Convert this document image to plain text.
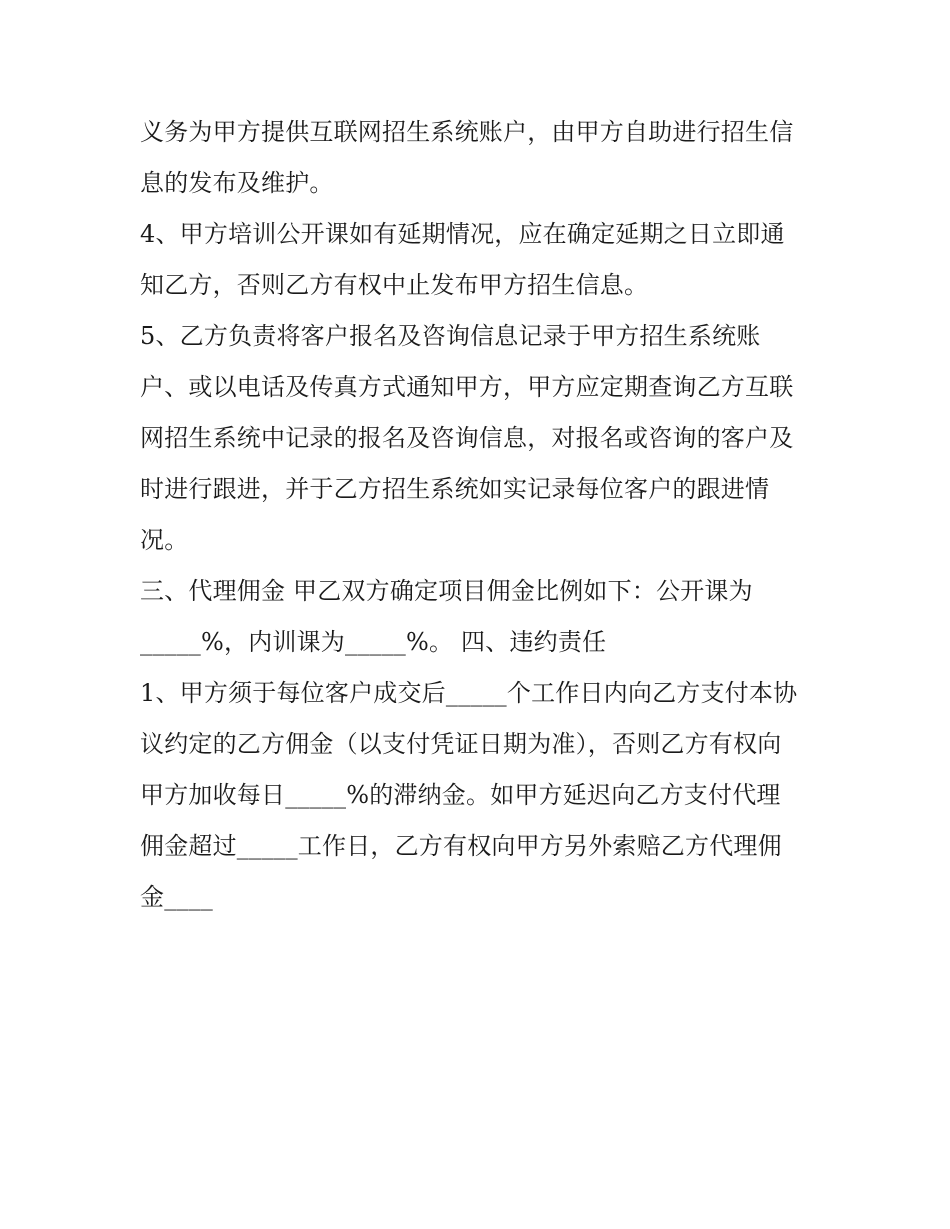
义务为甲方提供互联网招生系统账户，由甲方自助进行招生信
息的发布及维护。
4、甲方培训公开课如有延期情况，应在确定延期之日立即通
知乙方，否则乙方有权中止发布甲方招生信息。
5、乙方负责将客户报名及咨询信息记录于甲方招生系统账
户、或以电话及传真方式通知甲方，甲方应定期查询乙方互联
网招生系统中记录的报名及咨询信息，对报名或咨询的客户及
时进行跟进，并于乙方招生系统如实记录每位客户的跟进情
况。
三、代理佣金 甲乙双方确定项目佣金比例如下：公开课为
_____%，内训课为_____%。 四、违约责任
1、甲方须于每位客户成交后_____个工作日内向乙方支付本协
议约定的乙方佣金（以支付凭证日期为准），否则乙方有权向
甲方加收每日_____%的滞纳金。如甲方延迟向乙方支付代理
佣金超过_____工作日，乙方有权向甲方另外索赔乙方代理佣
金____
